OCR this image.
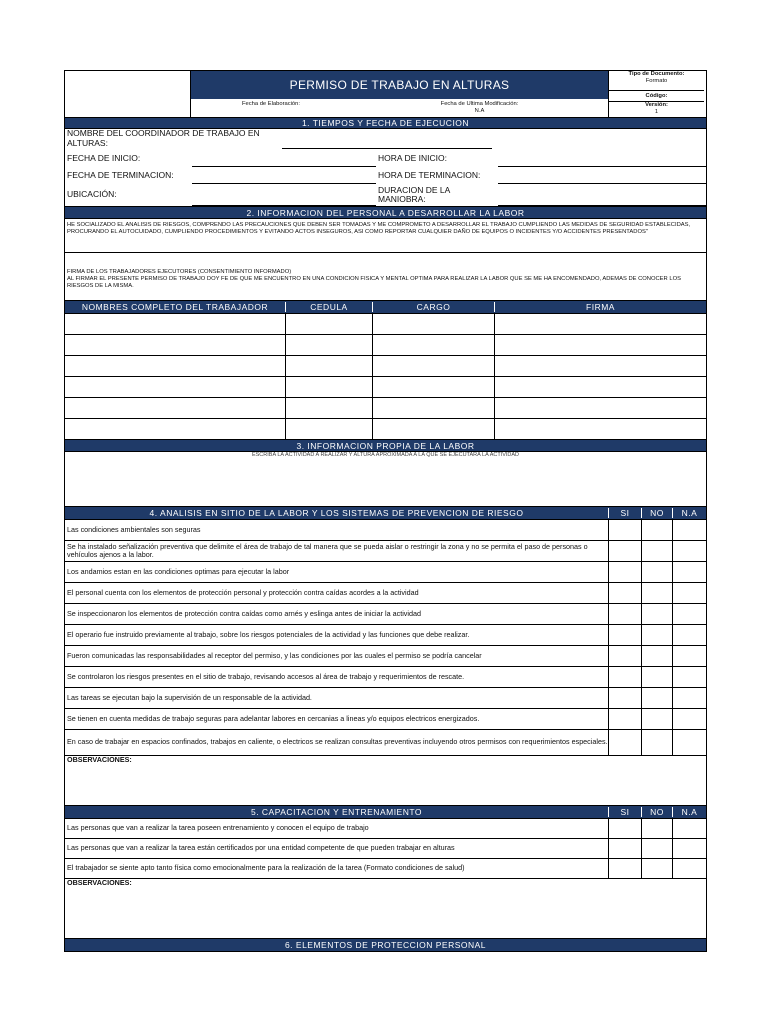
PERMISO DE TRABAJO EN ALTURAS
Fecha de Elaboración:	Fecha de Ultima Modificación:
N.A
Tipo de Documento:
Formato
Código:
Versión:
1
1. TIEMPOS Y FECHA DE EJECUCION
NOMBRE DEL COORDINADOR DE TRABAJO EN ALTURAS:
FECHA DE INICIO:	HORA DE INICIO:
FECHA DE TERMINACION:	HORA DE TERMINACION:
UBICACIÓN:	DURACION DE LA MANIOBRA:
2. INFORMACION DEL PERSONAL A DESARROLLAR LA LABOR
HE SOCIALIZADO EL ANALISIS DE RIESGOS, COMPRENDO LAS PRECAUCIONES QUE DEBEN SER TOMADAS Y ME COMPROMETO A DESARROLLAR EL TRABAJO CUMPLIENDO LAS MEDIDAS DE SEGURIDAD ESTABLECIDAS, PROCURANDO EL AUTOCUIDADO, CUMPLIENDO PROCEDIMIENTOS Y EVITANDO ACTOS INSEGUROS, ASI COMO REPORTAR CUALQUIER DAÑO DE EQUIPOS O INCIDENTES Y/O ACCIDENTES PRESENTADOS"
FIRMA DE LOS TRABAJADORES EJECUTORES (CONSENTIMIENTO INFORMADO)
AL FIRMAR EL PRESENTE PERMISO DE TRABAJO DOY FE DE QUE ME ENCUENTRO EN UNA CONDICION FISICA Y MENTAL OPTIMA PARA REALIZAR LA LABOR QUE SE ME HA ENCOMENDADO, ADEMAS DE CONOCER LOS RIESGOS DE LA MISMA.
NOMBRES COMPLETO DEL TRABAJADOR	CEDULA	CARGO	FIRMA
3. INFORMACION PROPIA DE LA LABOR
ESCRIBA LA ACTIVIDAD A REALIZAR Y ALTURA APROXIMADA A LA QUE SE EJECUTARA LA ACTIVIDAD
4. ANALISIS EN SITIO DE LA LABOR Y LOS SISTEMAS DE PREVENCION DE RIESGO	SI	NO	N.A
Las condiciones ambientales son seguras
Se ha instalado señalización preventiva que delimite el área de trabajo de tal manera que se pueda aislar o restringir la zona y no se permita el paso de personas o vehículos ajenos a la labor.
Los andamios estan en las condiciones optimas para ejecutar la labor
El personal cuenta con los elementos de protección personal y protección contra caídas acordes a la actividad
Se inspeccionaron los elementos de protección contra caídas como arnés y eslinga antes de iniciar la actividad
El operario fue instruido previamente al trabajo, sobre los riesgos potenciales de la actividad y las funciones que debe realizar.
Fueron comunicadas las responsabilidades al receptor del permiso, y las condiciones por las cuales el permiso se podría cancelar
Se controlaron los riesgos presentes en el sitio de trabajo, revisando accesos al área de trabajo y requerimientos de rescate.
Las tareas se ejecutan bajo la supervisión de un responsable de la actividad.
Se tienen en cuenta medidas de trabajo seguras para adelantar labores en cercanias a lineas y/o equipos electricos energizados.
En caso de trabajar en espacios confinados, trabajos en caliente, o electricos se realizan consultas preventivas incluyendo otros permisos con requerimientos especiales.
OBSERVACIONES:
5. CAPACITACION Y ENTRENAMIENTO	SI	NO	N.A
Las personas que van a realizar la tarea poseen entrenamiento y conocen el equipo de trabajo
Las personas que van a realizar la tarea están certificados por una entidad competente de que pueden trabajar en alturas
El trabajador se siente apto tanto física como emocionalmente para la realización de la tarea (Formato condiciones de salud)
OBSERVACIONES:
6. ELEMENTOS DE PROTECCION PERSONAL
